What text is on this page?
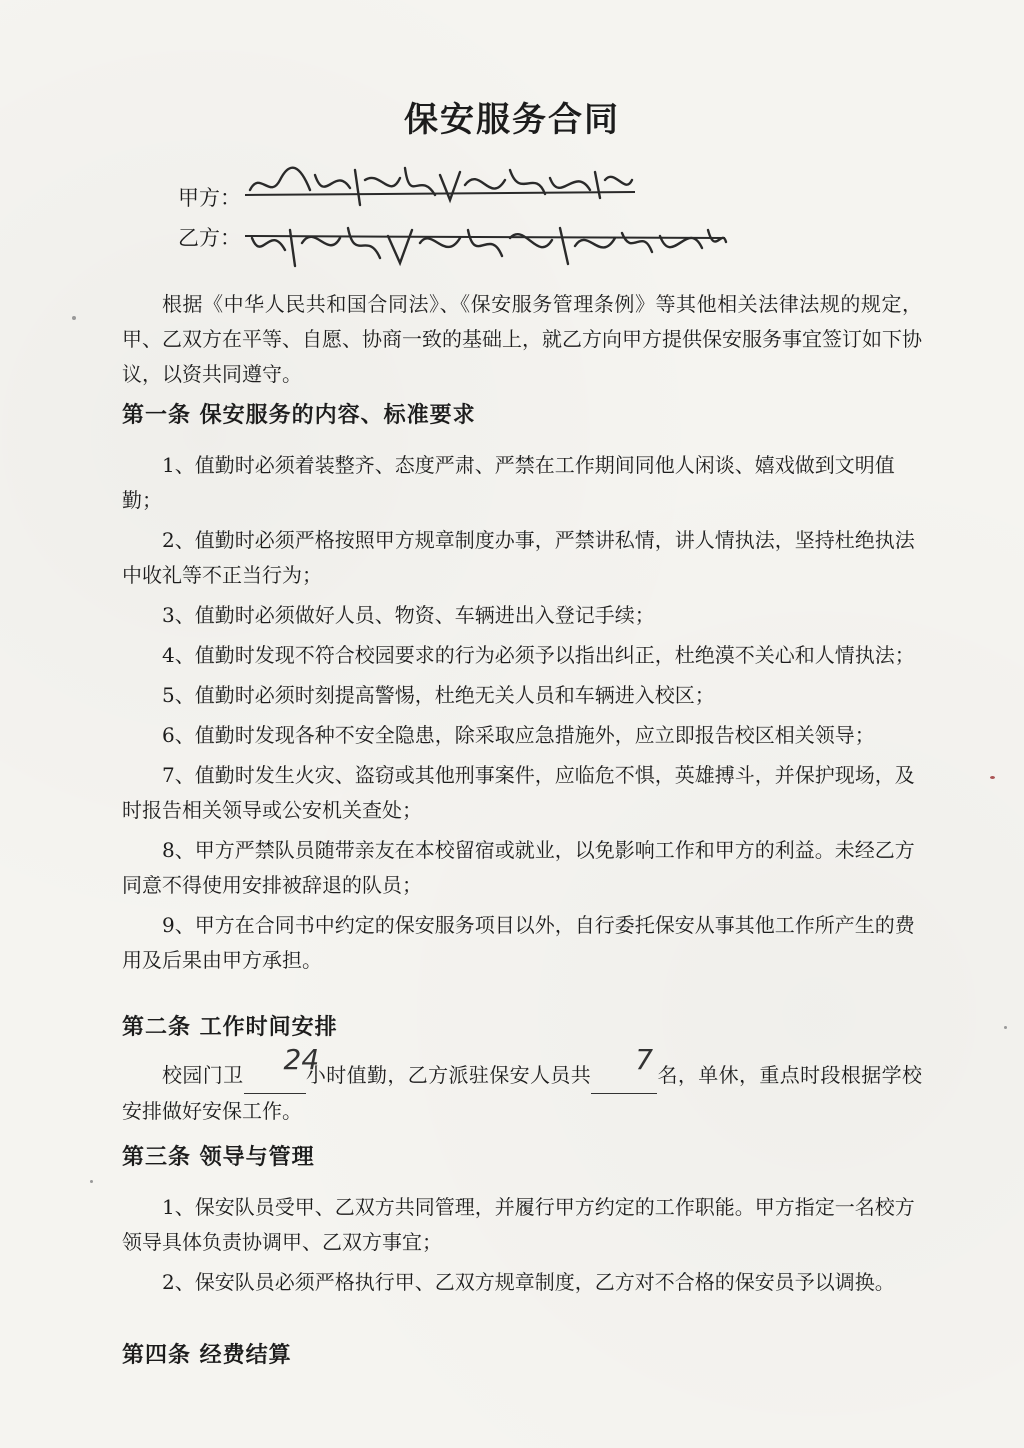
保安服务合同
甲方：
乙方：

根据《中华人民共和国合同法》、《保安服务管理条例》等其他相关法律法规的规定，甲、乙双方在平等、自愿、协商一致的基础上，就乙方向甲方提供保安服务事宜签订如下协议，以资共同遵守。

第一条 保安服务的内容、标准要求

1、值勤时必须着装整齐、态度严肃、严禁在工作期间同他人闲谈、嬉戏做到文明值勤；

2、值勤时必须严格按照甲方规章制度办事，严禁讲私情，讲人情执法，坚持杜绝执法中收礼等不正当行为；

3、值勤时必须做好人员、物资、车辆进出入登记手续；

4、值勤时发现不符合校园要求的行为必须予以指出纠正，杜绝漠不关心和人情执法；

5、值勤时必须时刻提高警惕，杜绝无关人员和车辆进入校区；

6、值勤时发现各种不安全隐患，除采取应急措施外，应立即报告校区相关领导；

7、值勤时发生火灾、盗窃或其他刑事案件，应临危不惧，英雄搏斗，并保护现场，及时报告相关领导或公安机关查处；

8、甲方严禁队员随带亲友在本校留宿或就业，以免影响工作和甲方的利益。未经乙方同意不得使用安排被辞退的队员；

9、甲方在合同书中约定的保安服务项目以外，自行委托保安从事其他工作所产生的费用及后果由甲方承担。

第二条 工作时间安排

校园门卫	24
小时值勤，乙方派驻保安人员共	7 名，单休，重点时段根据学校安排做好安保工作。

第三条 领导与管理

1、保安队员受甲、乙双方共同管理，并履行甲方约定的工作职能。甲方指定一名校方领导具体负责协调甲、乙双方事宜；

2、保安队员必须严格执行甲、乙双方规章制度，乙方对不合格的保安员予以调换。

第四条 经费结算
